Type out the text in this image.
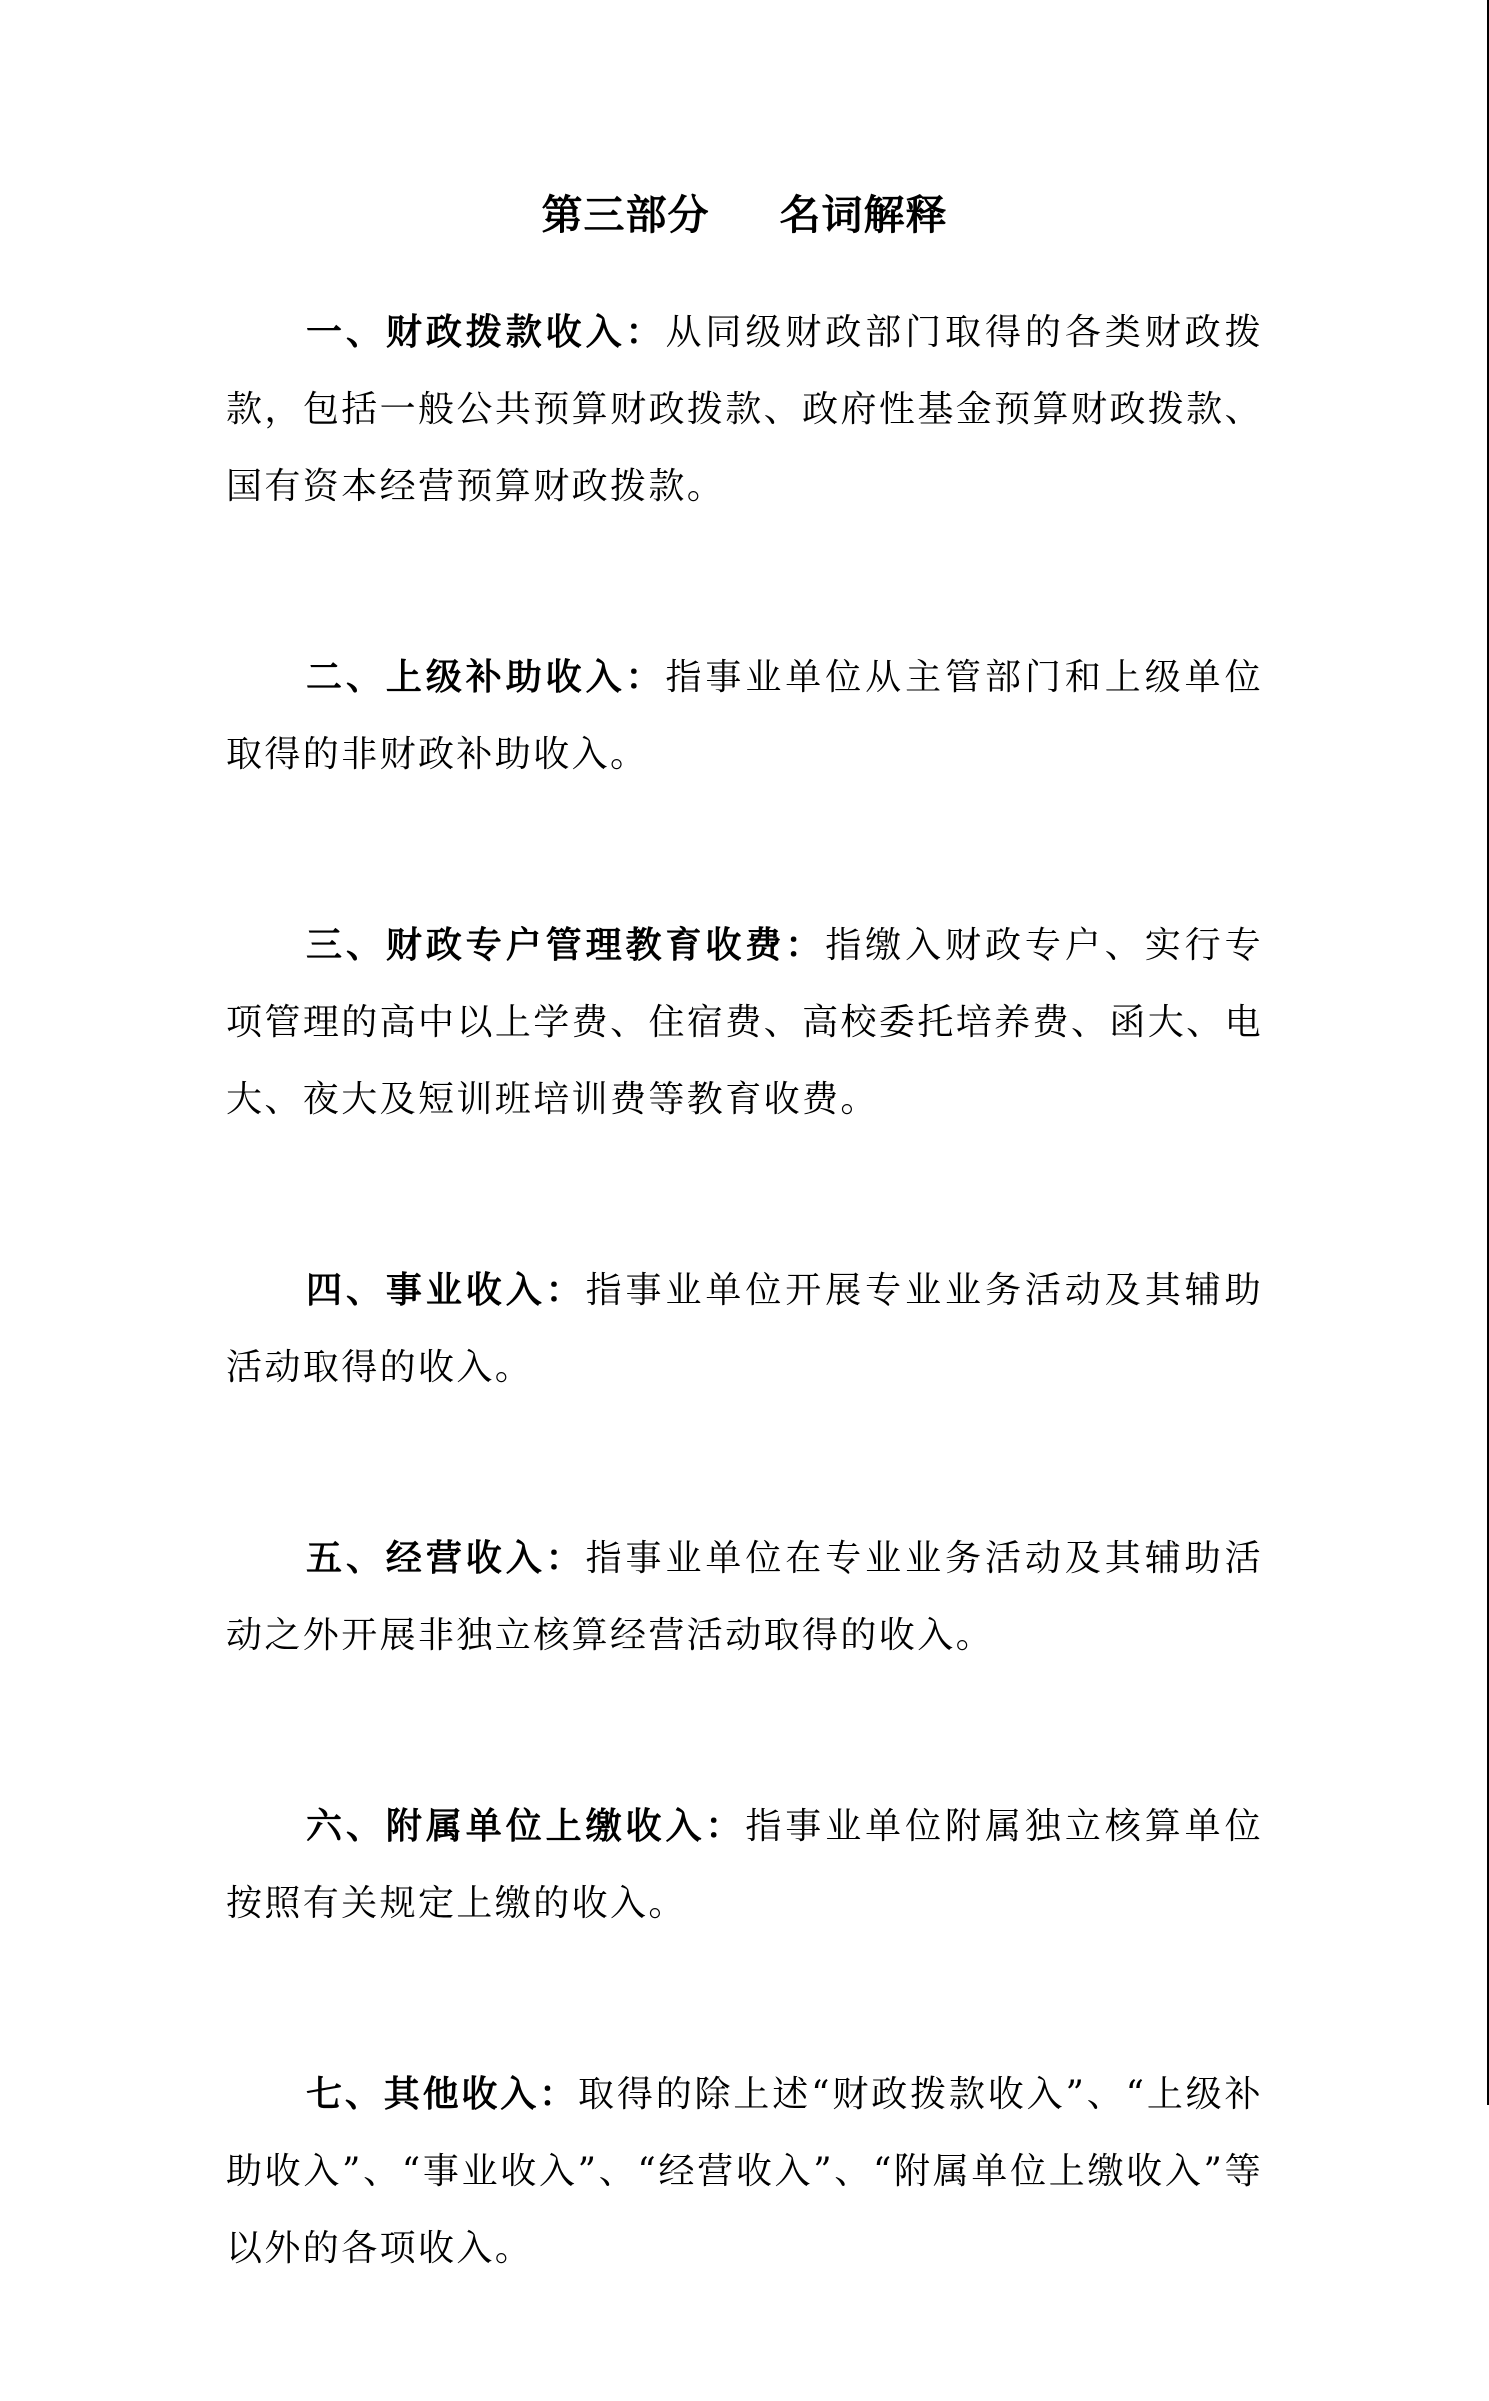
第三部分 名词解释

一、财政拨款收入：从同级财政部门取得的各类财政拨款，包括一般公共预算财政拨款、政府性基金预算财政拨款、国有资本经营预算财政拨款。

二、上级补助收入：指事业单位从主管部门和上级单位取得的非财政补助收入。

三、财政专户管理教育收费：指缴入财政专户、实行专项管理的高中以上学费、住宿费、高校委托培养费、函大、电大、夜大及短训班培训费等教育收费。

四、事业收入：指事业单位开展专业业务活动及其辅助活动取得的收入。

五、经营收入：指事业单位在专业业务活动及其辅助活动之外开展非独立核算经营活动取得的收入。

六、附属单位上缴收入：指事业单位附属独立核算单位按照有关规定上缴的收入。

七、其他收入：取得的除上述“财政拨款收入”、“上级补助收入”、“事业收入”、“经营收入”、“附属单位上缴收入”等以外的各项收入。
